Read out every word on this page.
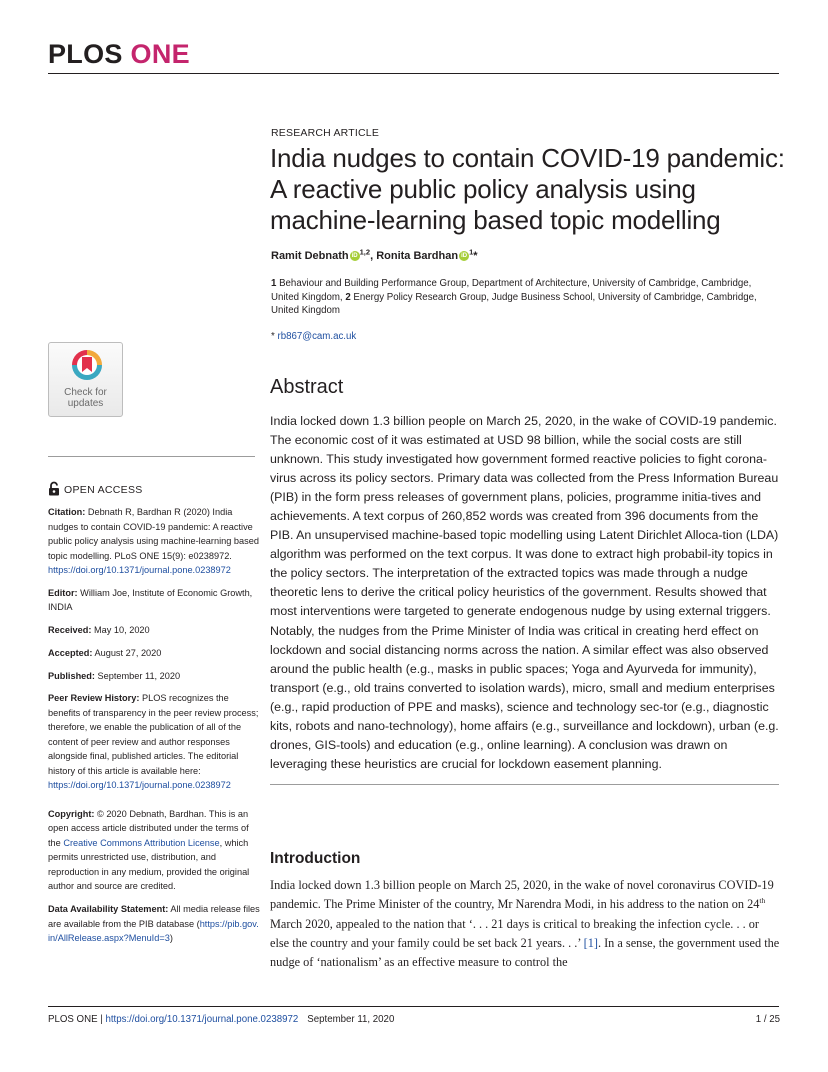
PLOS ONE
RESEARCH ARTICLE
India nudges to contain COVID-19 pandemic: A reactive public policy analysis using machine-learning based topic modelling
Ramit Debnath iD $^{1,2}$, Ronita Bardhan iD $^1$*
1 Behaviour and Building Performance Group, Department of Architecture, University of Cambridge, Cambridge, United Kingdom, 2 Energy Policy Research Group, Judge Business School, University of Cambridge, Cambridge, United Kingdom
* rb867@cam.ac.uk
Abstract

India locked down 1.3 billion people on March 25, 2020, in the wake of COVID-19 pandemic. The economic cost of it was estimated at USD 98 billion, while the social costs are still unknown. This study investigated how government formed reactive policies to fight corona-virus across its policy sectors. Primary data was collected from the Press Information Bureau (PIB) in the form press releases of government plans, policies, programme initia-tives and achievements. A text corpus of 260,852 words was created from 396 documents from the PIB. An unsupervised machine-based topic modelling using Latent Dirichlet Alloca-tion (LDA) algorithm was performed on the text corpus. It was done to extract high probabil-ity topics in the policy sectors. The interpretation of the extracted topics was made through a nudge theoretic lens to derive the critical policy heuristics of the government. Results showed that most interventions were targeted to generate endogenous nudge by using external triggers. Notably, the nudges from the Prime Minister of India was critical in creating herd effect on lockdown and social distancing norms across the nation. A similar effect was also observed around the public health (e.g., masks in public spaces; Yoga and Ayurveda for immunity), transport (e.g., old trains converted to isolation wards), micro, small and medium enterprises (e.g., rapid production of PPE and masks), science and technology sec-tor (e.g., diagnostic kits, robots and nano-technology), home affairs (e.g., surveillance and lockdown), urban (e.g. drones, GIS-tools) and education (e.g., online learning). A conclusion was drawn on leveraging these heuristics are crucial for lockdown easement planning.

Introduction

India locked down 1.3 billion people on March 25, 2020, in the wake of novel coronavirus COVID-19 pandemic. The Prime Minister of the country, Mr Narendra Modi, in his address to the nation on 24th March 2020, appealed to the nation that ‘. . . 21 days is critical to breaking the infection cycle. . . or else the country and your family could be set back 21 years. . .’ [1]. In a sense, the government used the nudge of ‘nationalism’ as an effective measure to control the

Check for
updates
OPEN ACCESS

Citation: Debnath R, Bardhan R (2020) India nudges to contain COVID-19 pandemic: A reactive public policy analysis using machine-learning based topic modelling. PLoS ONE 15(9): e0238972. https://doi.org/10.1371/journal.pone.0238972

Editor: William Joe, Institute of Economic Growth, INDIA

Received: May 10, 2020

Accepted: August 27, 2020

Published: September 11, 2020

Peer Review History: PLOS recognizes the benefits of transparency in the peer review process; therefore, we enable the publication of all of the content of peer review and author responses alongside final, published articles. The editorial history of this article is available here: https://doi.org/10.1371/journal.pone.0238972

Copyright: © 2020 Debnath, Bardhan. This is an open access article distributed under the terms of the Creative Commons Attribution License, which permits unrestricted use, distribution, and reproduction in any medium, provided the original author and source are credited.

Data Availability Statement: All media release files are available from the PIB database (https://pib.gov.in/AllRelease.aspx?MenuId=3)

PLOS ONE | https://doi.org/10.1371/journal.pone.0238972 September 11, 2020	1 / 25
